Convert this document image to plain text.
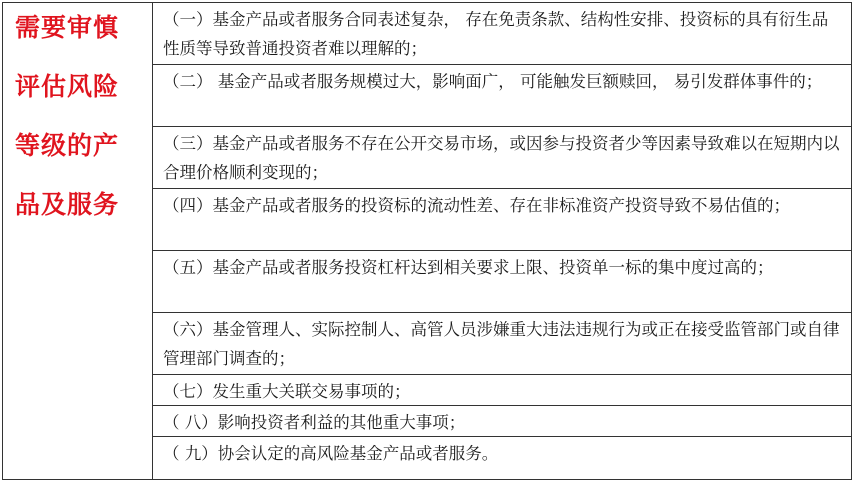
需要审慎
评估风险
等级的产
品及服务
（一）基金产品或者服务合同表述复杂， 存在免责条款、结构性安排、投资标的具有衍生品性质等导致普通投资者难以理解的；
（二） 基金产品或者服务规模过大，影响面广， 可能触发巨额赎回， 易引发群体事件的；
（三）基金产品或者服务不存在公开交易市场，或因参与投资者少等因素导致难以在短期内以合理价格顺利变现的；
（四）基金产品或者服务的投资标的流动性差、存在非标准资产投资导致不易估值的；
（五）基金产品或者服务投资杠杆达到相关要求上限、投资单一标的集中度过高的；
（六）基金管理人、实际控制人、高管人员涉嫌重大违法违规行为或正在接受监管部门或自律管理部门调查的；
（七）发生重大关联交易事项的；
（ 八）影响投资者利益的其他重大事项；
（ 九）协会认定的高风险基金产品或者服务。
